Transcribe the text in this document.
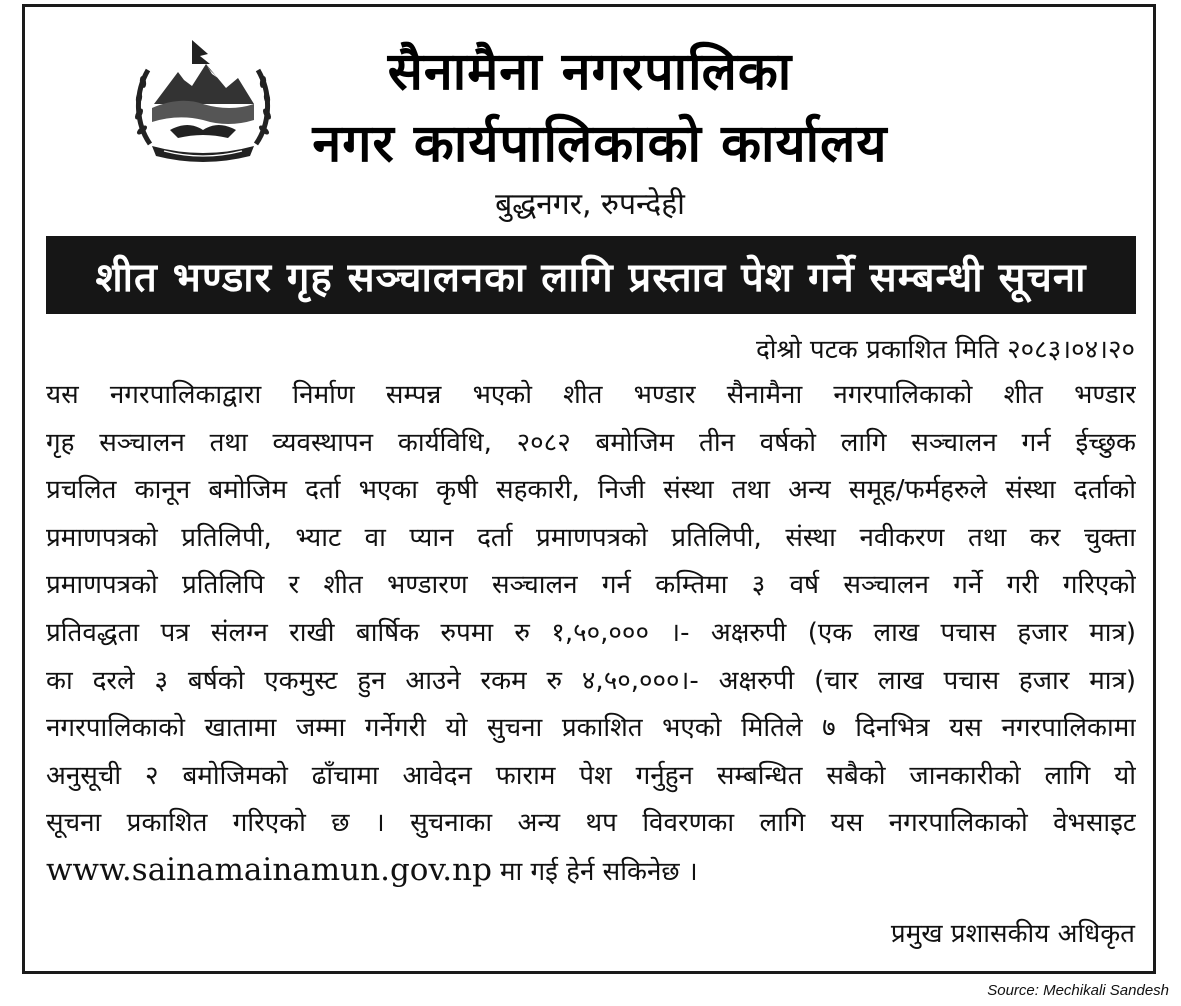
सैनामैना नगरपालिका
नगर कार्यपालिकाको कार्यालय
बुद्धनगर, रुपन्देही
शीत भण्डार गृह सञ्चालनका लागि प्रस्ताव पेश गर्ने सम्बन्धी सूचना
दोश्रो पटक प्रकाशित मिति २०८३।०४।२०
यस नगरपालिकाद्वारा निर्माण सम्पन्न भएको शीत भण्डार सैनामैना नगरपालिकाको शीत भण्डार
गृह सञ्चालन तथा व्यवस्थापन कार्यविधि, २०८२ बमोजिम तीन वर्षको लागि सञ्चालन गर्न ईच्छुक
प्रचलित कानून बमोजिम दर्ता भएका कृषी सहकारी, निजी संस्था तथा अन्य समूह/फर्महरुले संस्था दर्ताको
प्रमाणपत्रको प्रतिलिपी, भ्याट वा प्यान दर्ता प्रमाणपत्रको प्रतिलिपी, संस्था नवीकरण तथा कर चुक्ता
प्रमाणपत्रको प्रतिलिपि र शीत भण्डारण सञ्चालन गर्न कम्तिमा ३ वर्ष सञ्चालन गर्ने गरी गरिएको
प्रतिवद्धता पत्र संलग्न राखी बार्षिक रुपमा रु १,५०,००० ।- अक्षरुपी (एक लाख पचास हजार मात्र)
का दरले ३ बर्षको एकमुस्ट हुन आउने रकम रु ४,५०,०००।- अक्षरुपी (चार लाख पचास हजार मात्र)
नगरपालिकाको खातामा जम्मा गर्नेगरी यो सुचना प्रकाशित भएको मितिले ७ दिनभित्र यस नगरपालिकामा
अनुसूची २ बमोजिमको ढाँचामा आवेदन फाराम पेश गर्नुहुन सम्बन्धित सबैको जानकारीको लागि यो
सूचना प्रकाशित गरिएको छ । सुचनाका अन्य थप विवरणका लागि यस नगरपालिकाको वेभसाइट
www.sainamainamun.gov.np मा गई हेर्न सकिनेछ ।
प्रमुख प्रशासकीय अधिकृत
Source: Mechikali Sandesh
